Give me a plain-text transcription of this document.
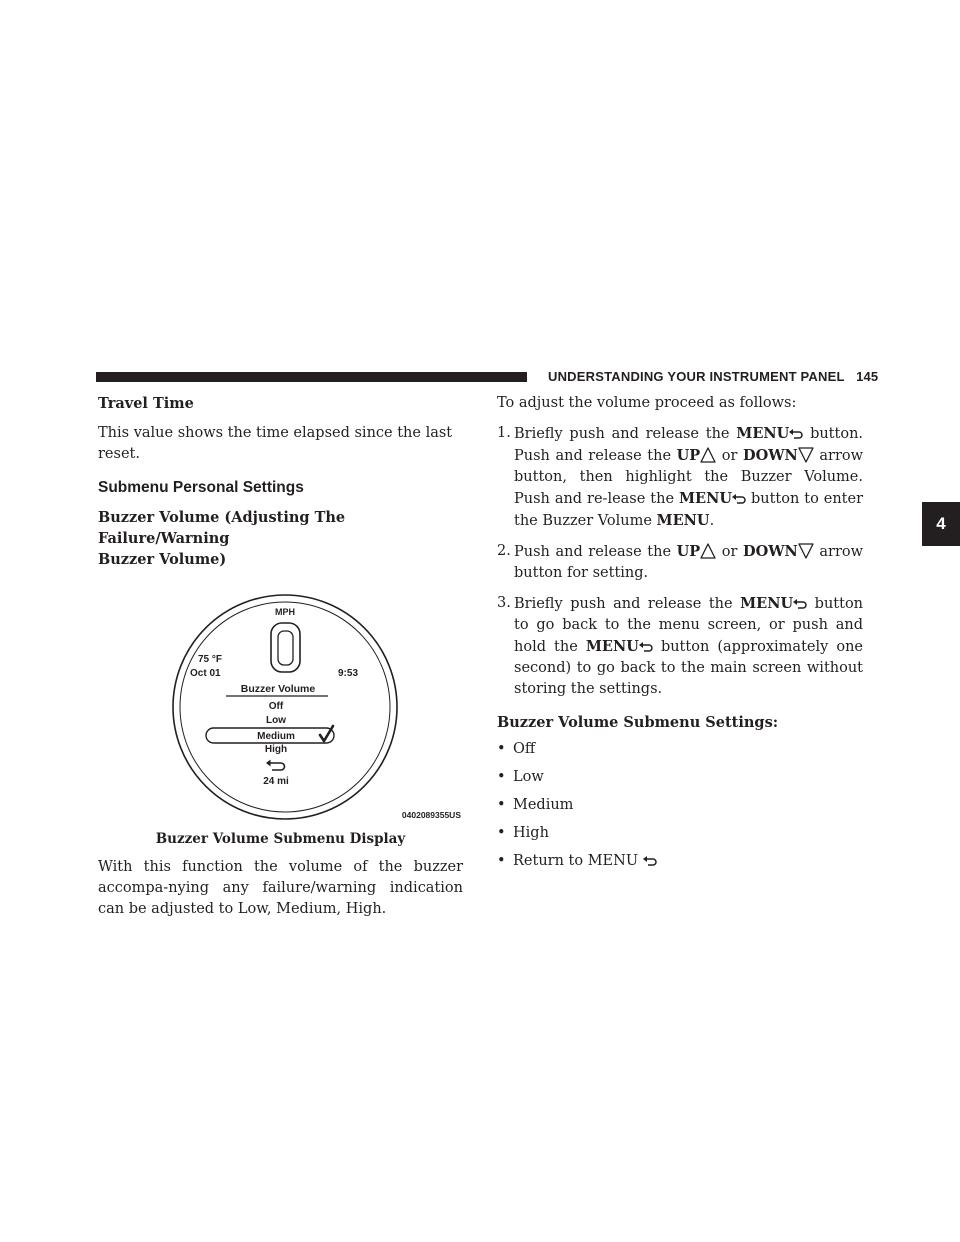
UNDERSTANDING YOUR INSTRUMENT PANEL 145
4

Travel Time

This value shows the time elapsed since the last reset.

Submenu Personal Settings

Buzzer Volume (Adjusting The Failure/Warning
Buzzer Volume)

MPH
75 °F
Oct 01	9:53
Buzzer Volume
Off
Low
Medium
High
24 mi
0402089355US

Buzzer Volume Submenu Display

With this function the volume of the buzzer accompa-nying any failure/warning indication can be adjusted to Low, Medium, High.

To adjust the volume proceed as follows:

1. Briefly push and release the MENU button. Push and release the UP or DOWN arrow button, then highlight the Buzzer Volume. Push and re-lease the MENU button to enter the Buzzer Volume MENU.

2. Push and release the UP or DOWN arrow button for setting.

3. Briefly push and release the MENU button to go back to the menu screen, or push and hold the MENU button (approximately one second) to go back to the main screen without storing the settings.

Buzzer Volume Submenu Settings:

• Off
• Low
• Medium
• High
• Return to MENU
